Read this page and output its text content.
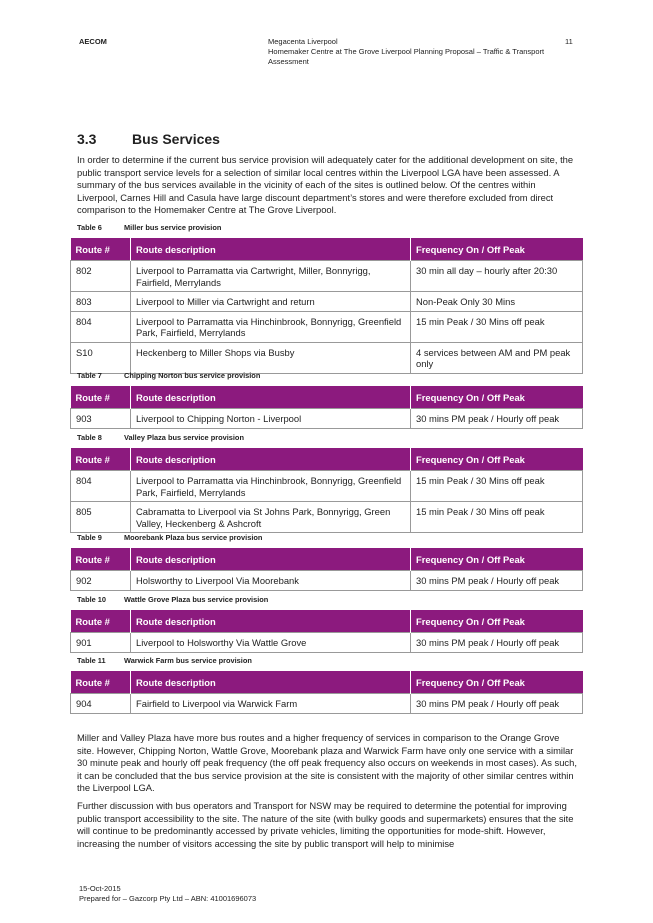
AECOM	Megacenta Liverpool
Homemaker Centre at The Grove Liverpool Planning Proposal – Traffic & Transport Assessment
11
3.3	Bus Services

In order to determine if the current bus service provision will adequately cater for the additional development on site, the public transport service levels for a selection of similar local centres within the Liverpool LGA have been assessed. A summary of the bus services available in the vicinity of each of the sites is outlined below. Of the centres within Liverpool, Carnes Hill and Casula have large discount department’s stores and were therefore excluded from direct comparison to the Homemaker Centre at The Grove Liverpool.

Table 6	Miller bus service provision
Route #	Route description	Frequency On / Off Peak
802	Liverpool to Parramatta via Cartwright, Miller, Bonnyrigg, Fairfield, Merrylands	30 min all day – hourly after 20:30
803	Liverpool to Miller via Cartwright and return	Non-Peak Only 30 Mins
804	Liverpool to Parramatta via Hinchinbrook, Bonnyrigg, Greenfield Park, Fairfield, Merrylands	15 min Peak / 30 Mins off peak
S10	Heckenberg to Miller Shops via Busby	4 services between AM and PM peak only
Table 7	Chipping Norton bus service provision
Route #	Route description	Frequency On / Off Peak
903	Liverpool to Chipping Norton - Liverpool	30 mins PM peak / Hourly off peak
Table 8	Valley Plaza bus service provision
Route #	Route description	Frequency On / Off Peak
804	Liverpool to Parramatta via Hinchinbrook, Bonnyrigg, Greenfield Park, Fairfield, Merrylands	15 min Peak / 30 Mins off peak
805	Cabramatta to Liverpool via St Johns Park, Bonnyrigg, Green Valley, Heckenberg & Ashcroft	15 min Peak / 30 Mins off peak
Table 9	Moorebank Plaza bus service provision
Route #	Route description	Frequency On / Off Peak
902	Holsworthy to Liverpool Via Moorebank	30 mins PM peak / Hourly off peak
Table 10 Wattle Grove Plaza bus service provision
Route #	Route description	Frequency On / Off Peak
901	Liverpool to Holsworthy Via Wattle Grove	30 mins PM peak / Hourly off peak
Table 11 Warwick Farm bus service provision
Route #	Route description	Frequency On / Off Peak
904	Fairfield to Liverpool via Warwick Farm	30 mins PM peak / Hourly off peak

Miller and Valley Plaza have more bus routes and a higher frequency of services in comparison to the Orange Grove site. However, Chipping Norton, Wattle Grove, Moorebank plaza and Warwick Farm have only one service with a similar 30 minute peak and hourly off peak frequency (the off peak frequency also occurs on weekends in most cases). As such, it can be concluded that the bus service provision at the site is consistent with the majority of other similar centres within the Liverpool LGA.

Further discussion with bus operators and Transport for NSW may be required to determine the potential for improving public transport accessibility to the site. The nature of the site (with bulky goods and supermarkets) ensures that the site will continue to be predominantly accessed by private vehicles, limiting the opportunities for mode-shift. However, increasing the number of visitors accessing the site by public transport will help to minimise

15-Oct-2015
Prepared for – Gazcorp Pty Ltd – ABN: 41001696073
